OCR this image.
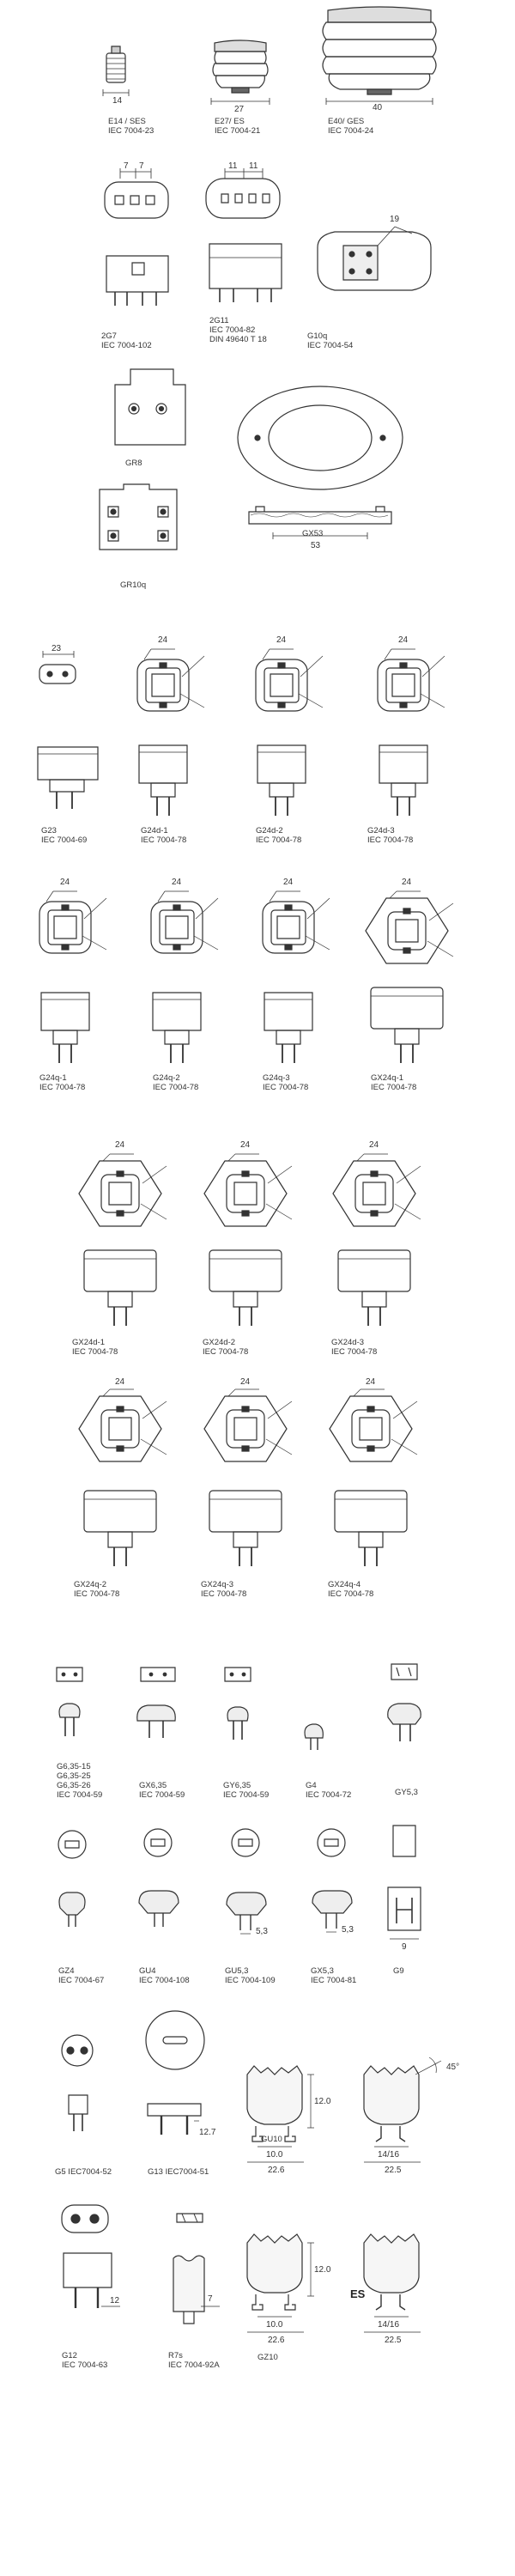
14
27	40
7 7	11 11
19
53
23
24	24	24
24	24	24	24
24	24	24
24	24	24
5,3	5,3
9
12.7
12.0
10.0
22.6
45°
14/16
22.5
12	7
12.0
10.0
22.6
ES
14/16
22.5
E14 / SES
IEC 7004-23
E27/ ES
IEC 7004-21
E40/ GES
IEC 7004-24
2G7
IEC 7004-102
2G11
IEC 7004-82
DIN 49640 T 18	G10q
IEC 7004-54
GR8
GX53
GR10q
G23
IEC 7004-69
G24d-1
IEC 7004-78
G24d-2
IEC 7004-78
G24d-3
IEC 7004-78
G24q-1
IEC 7004-78
G24q-2
IEC 7004-78
G24q-3
IEC 7004-78
GX24q-1
IEC 7004-78
GX24d-1
IEC 7004-78
GX24d-2
IEC 7004-78
GX24d-3
IEC 7004-78
GX24q-2
IEC 7004-78
GX24q-3
IEC 7004-78
GX24q-4
IEC 7004-78
G6,35-15
G6,35-25
G6,35-26
IEC 7004-59
GX6,35
IEC 7004-59
GY6,35
IEC 7004-59
G4
IEC 7004-72	GY5,3
GZ4
IEC 7004-67
GU4
IEC 7004-108
GU5,3
IEC 7004-109
GX5,3
IEC 7004-81
G9
G5 IEC7004-52	G13 IEC7004-51
GU10
G12
IEC 7004-63
R7s
IEC 7004-92A
GZ10
